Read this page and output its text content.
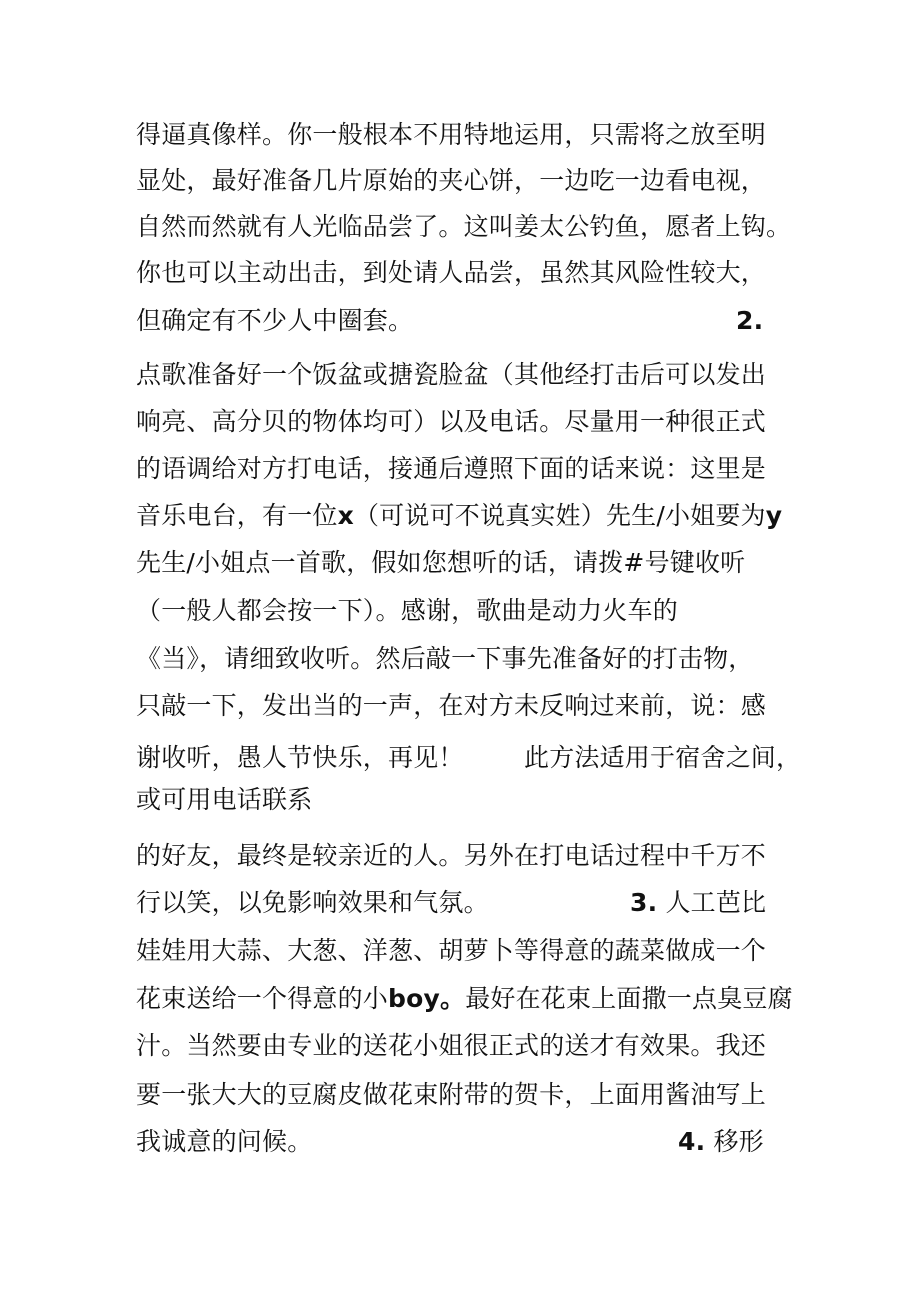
得逼真像样。你一般根本不用特地运用，只需将之放至明
显处，最好准备几片原始的夹心饼，一边吃一边看电视，
自然而然就有人光临品尝了。这叫姜太公钓鱼，愿者上钩。
你也可以主动出击，到处请人品尝，虽然其风险性较大，
但确定有不少人中圈套。	2.
点歌准备好一个饭盆或搪瓷脸盆（其他经打击后可以发出
响亮、高分贝的物体均可）以及电话。尽量用一种很正式
的语调给对方打电话，接通后遵照下面的话来说：这里是
音乐电台，有一位x（可说可不说真实姓）先生/小姐要为y
先生/小姐点一首歌，假如您想听的话，请拨#号键收听
（一般人都会按一下）。感谢，歌曲是动力火车的
《当》，请细致收听。然后敲一下事先准备好的打击物，
只敲一下，发出当的一声，在对方未反响过来前，说：感
谢收听，愚人节快乐，再见！ 此方法适用于宿舍之间，
或可用电话联系
的好友，最终是较亲近的人。另外在打电话过程中千万不
行以笑，以免影响效果和气氛。	3. 人工芭比
娃娃用大蒜、大葱、洋葱、胡萝卜等得意的蔬菜做成一个
花束送给一个得意的小boy。最好在花束上面撒一点臭豆腐
汁。当然要由专业的送花小姐很正式的送才有效果。我还
要一张大大的豆腐皮做花束附带的贺卡，上面用酱油写上
我诚意的问候。	4. 移形
